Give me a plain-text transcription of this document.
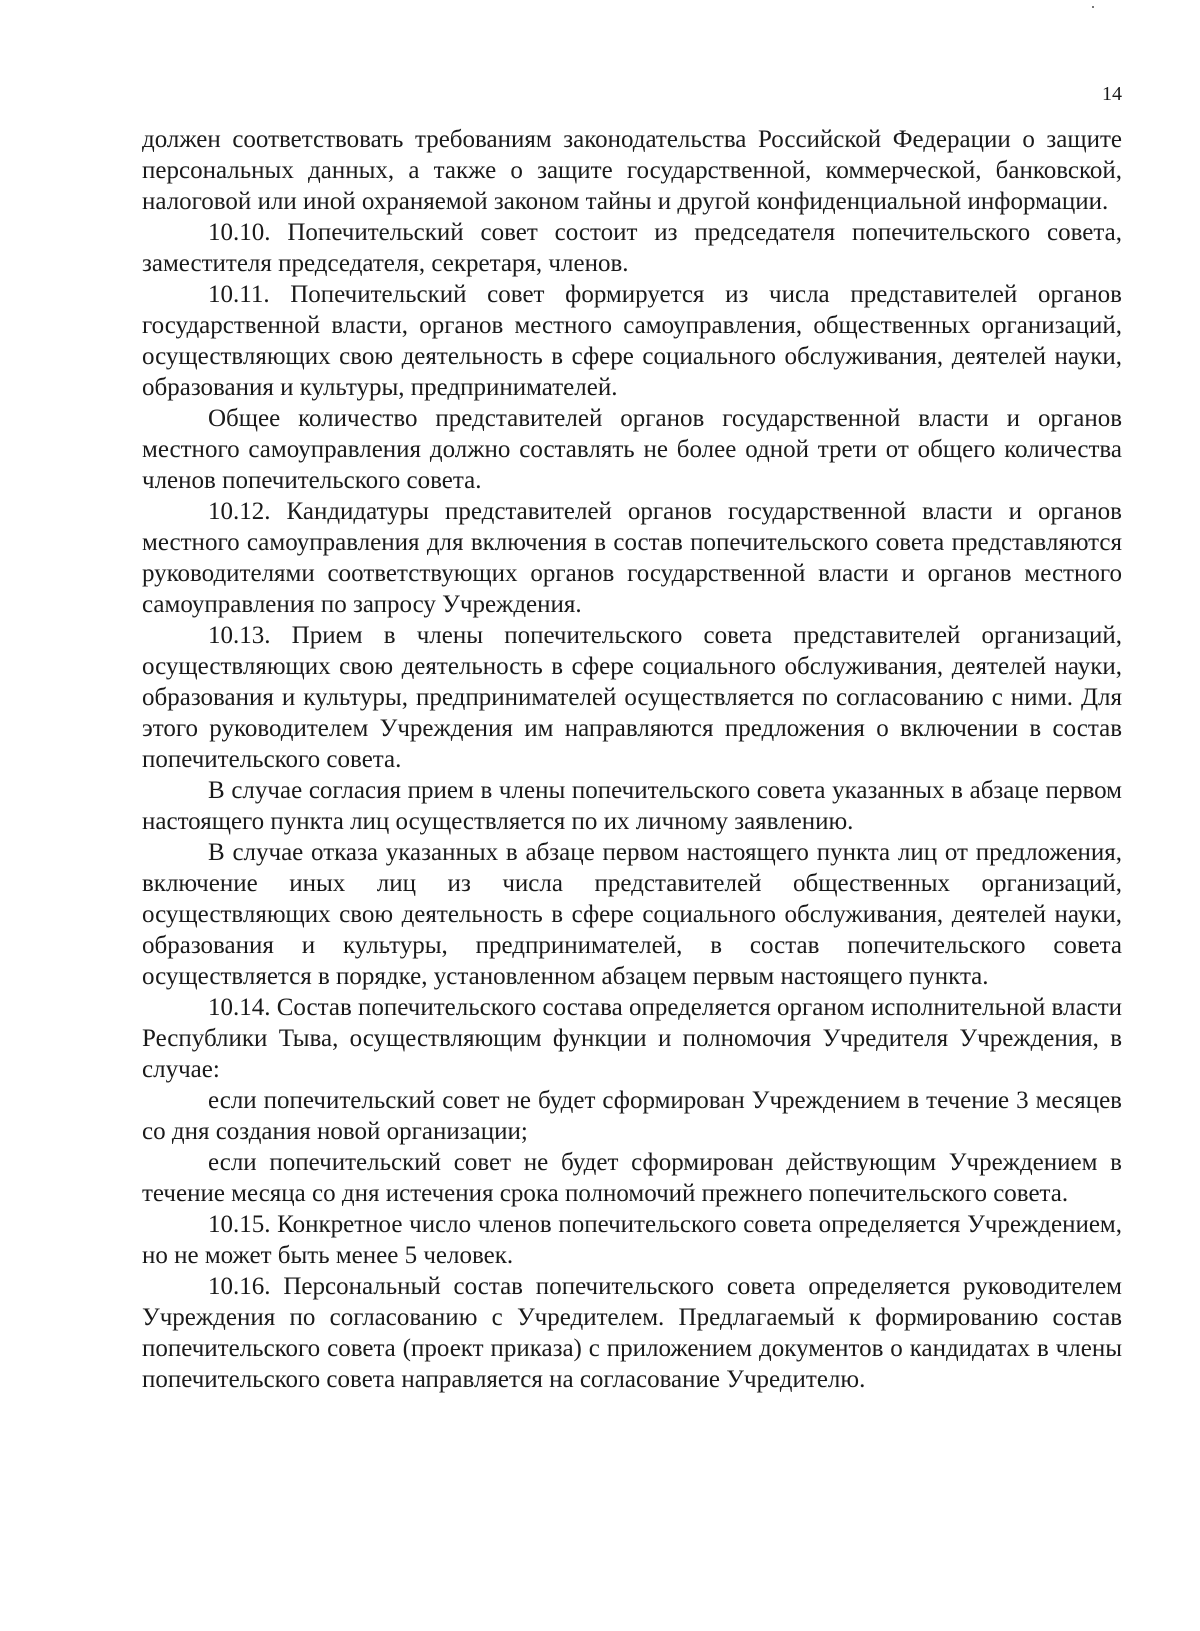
14

должен соответствовать требованиям законодательства Российской Федерации о защите персональных данных, а также о защите государственной, коммерческой, банковской, налоговой или иной охраняемой законом тайны и другой конфиденциальной информации.

10.10. Попечительский совет состоит из председателя попечительского совета, заместителя председателя, секретаря, членов.

10.11. Попечительский совет формируется из числа представителей органов государственной власти, органов местного самоуправления, общественных организаций, осуществляющих свою деятельность в сфере социального обслуживания, деятелей науки, образования и культуры, предпринимателей.

Общее количество представителей органов государственной власти и органов местного самоуправления должно составлять не более одной трети от общего количества членов попечительского совета.

10.12. Кандидатуры представителей органов государственной власти и органов местного самоуправления для включения в состав попечительского совета представляются руководителями соответствующих органов государственной власти и органов местного самоуправления по запросу Учреждения.

10.13. Прием в члены попечительского совета представителей организаций, осуществляющих свою деятельность в сфере социального обслуживания, деятелей науки, образования и культуры, предпринимателей осуществляется по согласованию с ними. Для этого руководителем Учреждения им направляются предложения о включении в состав попечительского совета.

В случае согласия прием в члены попечительского совета указанных в абзаце первом настоящего пункта лиц осуществляется по их личному заявлению.

В случае отказа указанных в абзаце первом настоящего пункта лиц от предложения, включение иных лиц из числа представителей общественных организаций, осуществляющих свою деятельность в сфере социального обслуживания, деятелей науки, образования и культуры, предпринимателей, в состав попечительского совета осуществляется в порядке, установленном абзацем первым настоящего пункта.

10.14. Состав попечительского состава определяется органом исполнительной власти Республики Тыва, осуществляющим функции и полномочия Учредителя Учреждения, в случае:

если попечительский совет не будет сформирован Учреждением в течение 3 месяцев со дня создания новой организации;

если попечительский совет не будет сформирован действующим Учреждением в течение месяца со дня истечения срока полномочий прежнего попечительского совета.

10.15. Конкретное число членов попечительского совета определяется Учреждением, но не может быть менее 5 человек.

10.16. Персональный состав попечительского совета определяется руководителем Учреждения по согласованию с Учредителем. Предлагаемый к формированию состав попечительского совета (проект приказа) с приложением документов о кандидатах в члены попечительского совета направляется на согласование Учредителю.
